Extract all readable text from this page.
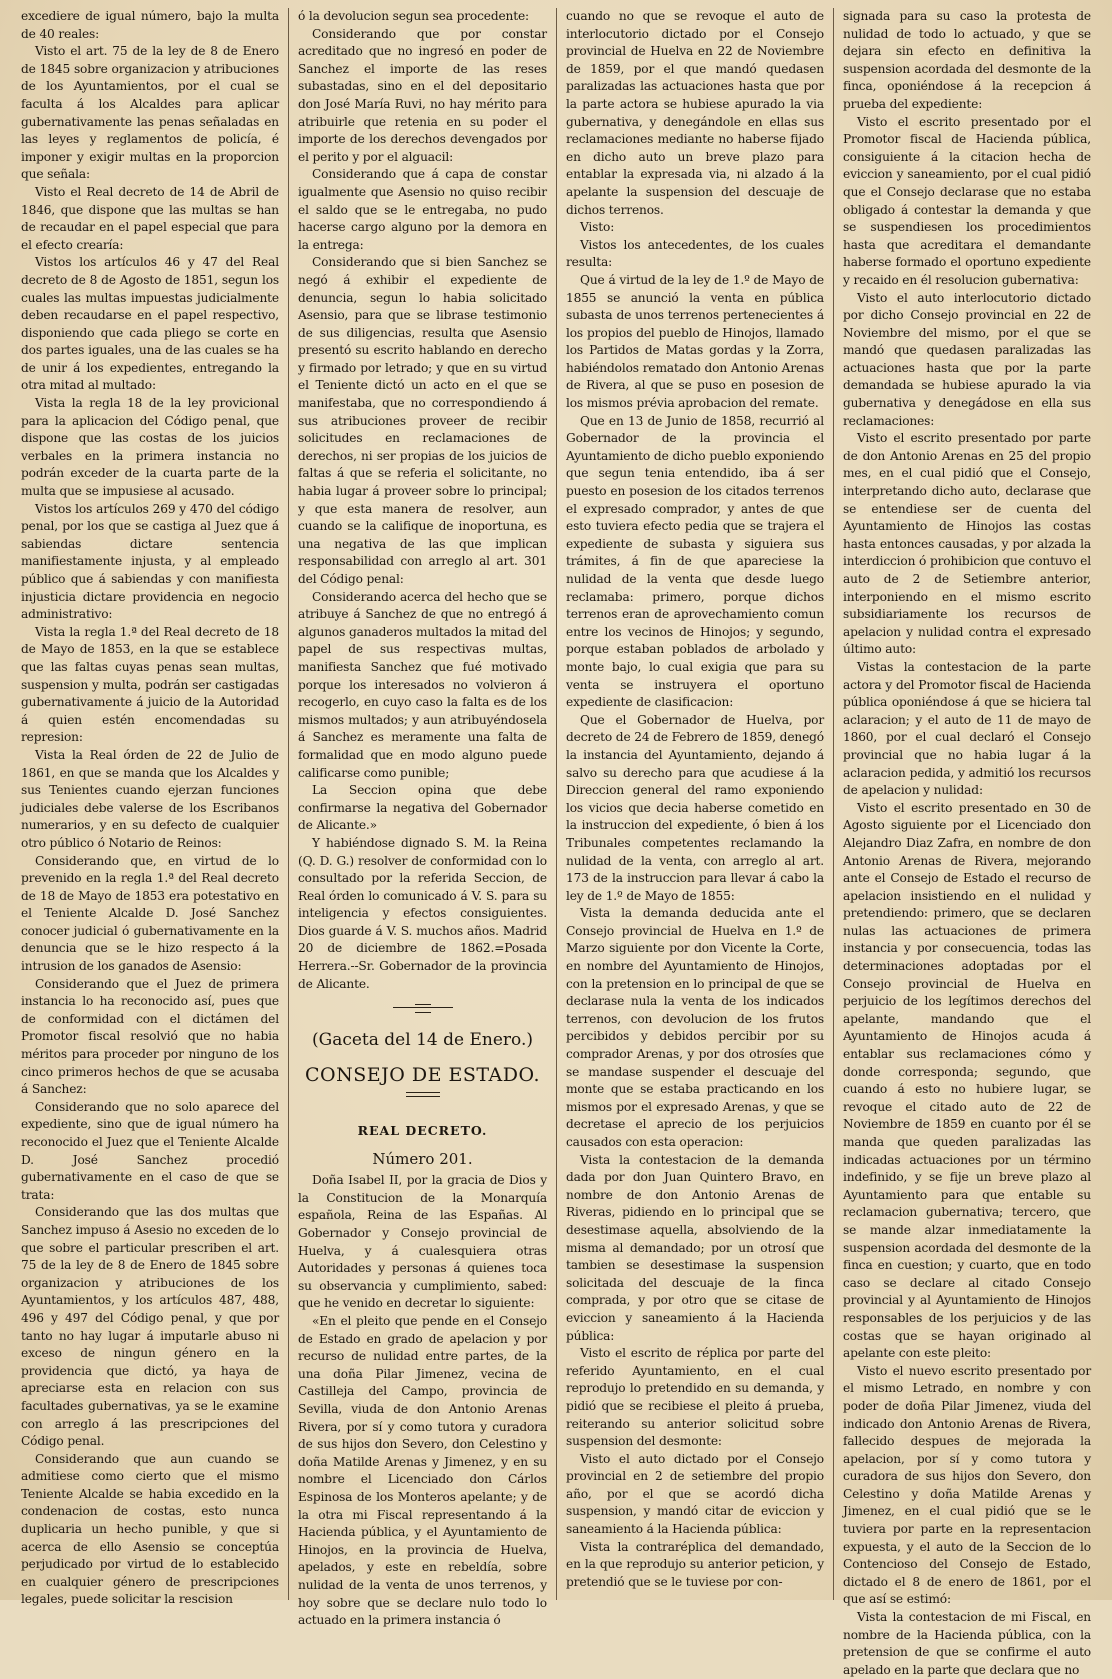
excediere de igual número, bajo la multa de 40 reales:

Visto el art. 75 de la ley de 8 de Enero de 1845 sobre organizacion y atribuciones de los Ayuntamientos, por el cual se faculta á los Alcaldes para aplicar gubernativamente las penas señaladas en las leyes y reglamentos de policía, é imponer y exigir multas en la proporcion que señala:

Visto el Real decreto de 14 de Abril de 1846, que dispone que las multas se han de recaudar en el papel especial que para el efecto crearía:

Vistos los artículos 46 y 47 del Real decreto de 8 de Agosto de 1851, segun los cuales las multas impuestas judicialmente deben recaudarse en el papel respectivo, disponiendo que cada pliego se corte en dos partes iguales, una de las cuales se ha de unir á los expedientes, entregando la otra mitad al multado:

Vista la regla 18 de la ley provicional para la aplicacion del Código penal, que dispone que las costas de los juicios verbales en la primera instancia no podrán exceder de la cuarta parte de la multa que se impusiese al acusado.

Vistos los artículos 269 y 470 del código penal, por los que se castiga al Juez que á sabiendas dictare sentencia manifiestamente injusta, y al empleado público que á sabiendas y con manifiesta injusticia dictare providencia en negocio administrativo:

Vista la regla 1.ª del Real decreto de 18 de Mayo de 1853, en la que se establece que las faltas cuyas penas sean multas, suspension y multa, podrán ser castigadas gubernativamente á juicio de la Autoridad á quien estén encomendadas su represion:

Vista la Real órden de 22 de Julio de 1861, en que se manda que los Alcaldes y sus Tenientes cuando ejerzan funciones judiciales debe valerse de los Escribanos numerarios, y en su defecto de cualquier otro público ó Notario de Reinos:

Considerando que, en virtud de lo prevenido en la regla 1.ª del Real decreto de 18 de Mayo de 1853 era potestativo en el Teniente Alcalde D. José Sanchez conocer judicial ó gubernativamente en la denuncia que se le hizo respecto á la intrusion de los ganados de Asensio:

Considerando que el Juez de primera instancia lo ha reconocido así, pues que de conformidad con el dictámen del Promotor fiscal resolvió que no habia méritos para proceder por ninguno de los cinco primeros hechos de que se acusaba á Sanchez:

Considerando que no solo aparece del expediente, sino que de igual número ha reconocido el Juez que el Teniente Alcalde D. José Sanchez procedió gubernativamente en el caso de que se trata:

Considerando que las dos multas que Sanchez impuso á Asesio no exceden de lo que sobre el particular prescriben el art. 75 de la ley de 8 de Enero de 1845 sobre organizacion y atribuciones de los Ayuntamientos, y los artículos 487, 488, 496 y 497 del Código penal, y que por tanto no hay lugar á imputarle abuso ni exceso de ningun género en la providencia que dictó, ya haya de apreciarse esta en relacion con sus facultades gubernativas, ya se le examine con arreglo á las prescripciones del Código penal.

Considerando que aun cuando se admitiese como cierto que el mismo Teniente Alcalde se habia excedido en la condenacion de costas, esto nunca duplicaria un hecho punible, y que si acerca de ello Asensio se conceptúa perjudicado por virtud de lo establecido en cualquier género de prescripciones legales, puede solicitar la rescision

ó la devolucion segun sea procedente:

Considerando que por constar acreditado que no ingresó en poder de Sanchez el importe de las reses subastadas, sino en el del depositario don José María Ruvi, no hay mérito para atribuirle que retenia en su poder el importe de los derechos devengados por el perito y por el alguacil:

Considerando que á capa de constar igualmente que Asensio no quiso recibir el saldo que se le entregaba, no pudo hacerse cargo alguno por la demora en la entrega:

Considerando que si bien Sanchez se negó á exhibir el expediente de denuncia, segun lo habia solicitado Asensio, para que se librase testimonio de sus diligencias, resulta que Asensio presentó su escrito hablando en derecho y firmado por letrado; y que en su virtud el Teniente dictó un acto en el que se manifestaba, que no correspondiendo á sus atribuciones proveer de recibir solicitudes en reclamaciones de derechos, ni ser propias de los juicios de faltas á que se referia el solicitante, no habia lugar á proveer sobre lo principal; y que esta manera de resolver, aun cuando se la califique de inoportuna, es una negativa de las que implican responsabilidad con arreglo al art. 301 del Código penal:

Considerando acerca del hecho que se atribuye á Sanchez de que no entregó á algunos ganaderos multados la mitad del papel de sus respectivas multas, manifiesta Sanchez que fué motivado porque los interesados no volvieron á recogerlo, en cuyo caso la falta es de los mismos multados; y aun atribuyéndosela á Sanchez es meramente una falta de formalidad que en modo alguno puede calificarse como punible;

La Seccion opina que debe confirmarse la negativa del Gobernador de Alicante.»

Y habiéndose dignado S. M. la Reina (Q. D. G.) resolver de conformidad con lo consultado por la referida Seccion, de Real órden lo comunicado á V. S. para su inteligencia y efectos consiguientes. Dios guarde á V. S. muchos años. Madrid 20 de diciembre de 1862.=Posada Herrera.--Sr. Gobernador de la provincia de Alicante.

(Gaceta del 14 de Enero.)
CONSEJO DE ESTADO.
REAL DECRETO.
Número 201.

Doña Isabel II, por la gracia de Dios y la Constitucion de la Monarquía española, Reina de las Españas. Al Gobernador y Consejo provincial de Huelva, y á cualesquiera otras Autoridades y personas á quienes toca su observancia y cumplimiento, sabed: que he venido en decretar lo siguiente:

«En el pleito que pende en el Consejo de Estado en grado de apelacion y por recurso de nulidad entre partes, de la una doña Pilar Jimenez, vecina de Castilleja del Campo, provincia de Sevilla, viuda de don Antonio Arenas Rivera, por sí y como tutora y curadora de sus hijos don Severo, don Celestino y doña Matilde Arenas y Jimenez, y en su nombre el Licenciado don Cárlos Espinosa de los Monteros apelante; y de la otra mi Fiscal representando á la Hacienda pública, y el Ayuntamiento de Hinojos, en la provincia de Huelva, apelados, y este en rebeldía, sobre nulidad de la venta de unos terrenos, y hoy sobre que se declare nulo todo lo actuado en la primera instancia ó

cuando no que se revoque el auto de interlocutorio dictado por el Consejo provincial de Huelva en 22 de Noviembre de 1859, por el que mandó quedasen paralizadas las actuaciones hasta que por la parte actora se hubiese apurado la via gubernativa, y denegándole en ellas sus reclamaciones mediante no haberse fijado en dicho auto un breve plazo para entablar la expresada via, ni alzado á la apelante la suspension del descuaje de dichos terrenos.

Visto:

Vistos los antecedentes, de los cuales resulta:

Que á virtud de la ley de 1.º de Mayo de 1855 se anunció la venta en pública subasta de unos terrenos pertenecientes á los propios del pueblo de Hinojos, llamado los Partidos de Matas gordas y la Zorra, habiéndolos rematado don Antonio Arenas de Rivera, al que se puso en posesion de los mismos prévia aprobacion del remate.

Que en 13 de Junio de 1858, recurrió al Gobernador de la provincia el Ayuntamiento de dicho pueblo exponiendo que segun tenia entendido, iba á ser puesto en posesion de los citados terrenos el expresado comprador, y antes de que esto tuviera efecto pedia que se trajera el expediente de subasta y siguiera sus trámites, á fin de que apareciese la nulidad de la venta que desde luego reclamaba: primero, porque dichos terrenos eran de aprovechamiento comun entre los vecinos de Hinojos; y segundo, porque estaban poblados de arbolado y monte bajo, lo cual exigia que para su venta se instruyera el oportuno expediente de clasificacion:

Que el Gobernador de Huelva, por decreto de 24 de Febrero de 1859, denegó la instancia del Ayuntamiento, dejando á salvo su derecho para que acudiese á la Direccion general del ramo exponiendo los vicios que decia haberse cometido en la instruccion del expediente, ó bien á los Tribunales competentes reclamando la nulidad de la venta, con arreglo al art. 173 de la instruccion para llevar á cabo la ley de 1.º de Mayo de 1855:

Vista la demanda deducida ante el Consejo provincial de Huelva en 1.º de Marzo siguiente por don Vicente la Corte, en nombre del Ayuntamiento de Hinojos, con la pretension en lo principal de que se declarase nula la venta de los indicados terrenos, con devolucion de los frutos percibidos y debidos percibir por su comprador Arenas, y por dos otrosíes que se mandase suspender el descuaje del monte que se estaba practicando en los mismos por el expresado Arenas, y que se decretase el aprecio de los perjuicios causados con esta operacion:

Vista la contestacion de la demanda dada por don Juan Quintero Bravo, en nombre de don Antonio Arenas de Riveras, pidiendo en lo principal que se desestimase aquella, absolviendo de la misma al demandado; por un otrosí que tambien se desestimase la suspension solicitada del descuaje de la finca comprada, y por otro que se citase de eviccion y saneamiento á la Hacienda pública:

Visto el escrito de réplica por parte del referido Ayuntamiento, en el cual reprodujo lo pretendido en su demanda, y pidió que se recibiese el pleito á prueba, reiterando su anterior solicitud sobre suspension del desmonte:

Visto el auto dictado por el Consejo provincial en 2 de setiembre del propio año, por el que se acordó dicha suspension, y mandó citar de eviccion y saneamiento á la Hacienda pública:

Vista la contraréplica del demandado, en la que reprodujo su anterior peticion, y pretendió que se le tuviese por con-

signada para su caso la protesta de nulidad de todo lo actuado, y que se dejara sin efecto en definitiva la suspension acordada del desmonte de la finca, oponiéndose á la recepcion á prueba del expediente:

Visto el escrito presentado por el Promotor fiscal de Hacienda pública, consiguiente á la citacion hecha de eviccion y saneamiento, por el cual pidió que el Consejo declarase que no estaba obligado á contestar la demanda y que se suspendiesen los procedimientos hasta que acreditara el demandante haberse formado el oportuno expediente y recaido en él resolucion gubernativa:

Visto el auto interlocutorio dictado por dicho Consejo provincial en 22 de Noviembre del mismo, por el que se mandó que quedasen paralizadas las actuaciones hasta que por la parte demandada se hubiese apurado la via gubernativa y denegádose en ella sus reclamaciones:

Visto el escrito presentado por parte de don Antonio Arenas en 25 del propio mes, en el cual pidió que el Consejo, interpretando dicho auto, declarase que se entendiese ser de cuenta del Ayuntamiento de Hinojos las costas hasta entonces causadas, y por alzada la interdiccion ó prohibicion que contuvo el auto de 2 de Setiembre anterior, interponiendo en el mismo escrito subsidiariamente los recursos de apelacion y nulidad contra el expresado último auto:

Vistas la contestacion de la parte actora y del Promotor fiscal de Hacienda pública oponiéndose á que se hiciera tal aclaracion; y el auto de 11 de mayo de 1860, por el cual declaró el Consejo provincial que no habia lugar á la aclaracion pedida, y admitió los recursos de apelacion y nulidad:

Visto el escrito presentado en 30 de Agosto siguiente por el Licenciado don Alejandro Diaz Zafra, en nombre de don Antonio Arenas de Rivera, mejorando ante el Consejo de Estado el recurso de apelacion insistiendo en el nulidad y pretendiendo: primero, que se declaren nulas las actuaciones de primera instancia y por consecuencia, todas las determinaciones adoptadas por el Consejo provincial de Huelva en perjuicio de los legítimos derechos del apelante, mandando que el Ayuntamiento de Hinojos acuda á entablar sus reclamaciones cómo y donde corresponda; segundo, que cuando á esto no hubiere lugar, se revoque el citado auto de 22 de Noviembre de 1859 en cuanto por él se manda que queden paralizadas las indicadas actuaciones por un término indefinido, y se fije un breve plazo al Ayuntamiento para que entable su reclamacion gubernativa; tercero, que se mande alzar inmediatamente la suspension acordada del desmonte de la finca en cuestion; y cuarto, que en todo caso se declare al citado Consejo provincial y al Ayuntamiento de Hinojos responsables de los perjuicios y de las costas que se hayan originado al apelante con este pleito:

Visto el nuevo escrito presentado por el mismo Letrado, en nombre y con poder de doña Pilar Jimenez, viuda del indicado don Antonio Arenas de Rivera, fallecido despues de mejorada la apelacion, por sí y como tutora y curadora de sus hijos don Severo, don Celestino y doña Matilde Arenas y Jimenez, en el cual pidió que se le tuviera por parte en la representacion expuesta, y el auto de la Seccion de lo Contencioso del Consejo de Estado, dictado el 8 de enero de 1861, por el que así se estimó:

Vista la contestacion de mi Fiscal, en nombre de la Hacienda pública, con la pretension de que se confirme el auto apelado en la parte que declara que no
